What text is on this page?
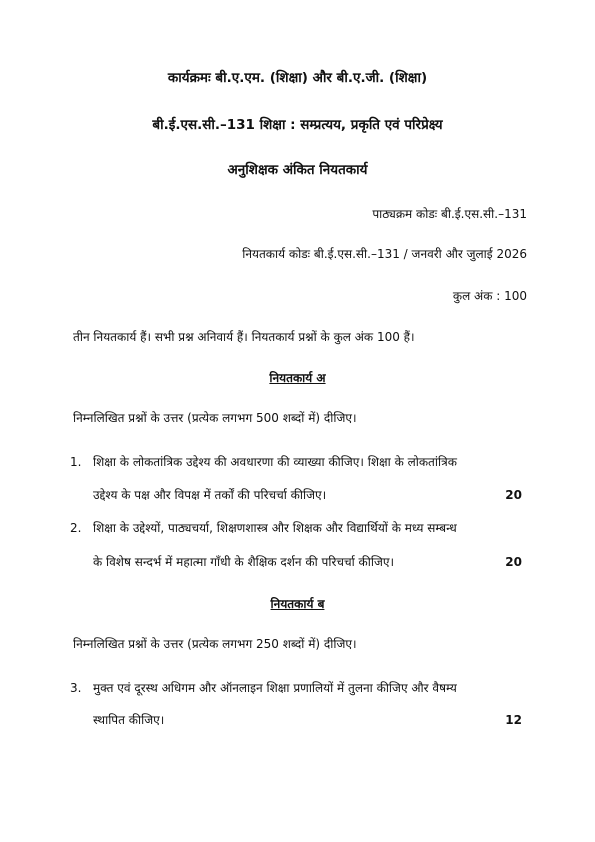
कार्यक्रमः बी.ए.एम. (शिक्षा) और बी.ए.जी. (शिक्षा)
बी.ई.एस.सी.–131 शिक्षा : सम्प्रत्यय, प्रकृति एवं परिप्रेक्ष्य
अनुशिक्षक अंकित नियतकार्य
पाठ्यक्रम कोडः बी.ई.एस.सी.–131
नियतकार्य कोडः बी.ई.एस.सी.–131 / जनवरी और जुलाई 2026
कुल अंक : 100
तीन नियतकार्य हैं। सभी प्रश्न अनिवार्य हैं। नियतकार्य प्रश्नों के कुल अंक 100 हैं।
नियतकार्य अ
निम्नलिखित प्रश्नों के उत्तर (प्रत्येक लगभग 500 शब्दों में) दीजिए।
1. शिक्षा के लोकतांत्रिक उद्देश्य की अवधारणा की व्याख्या कीजिए। शिक्षा के लोकतांत्रिक
उद्देश्य के पक्ष और विपक्ष में तर्कों की परिचर्चा कीजिए।	20
2. शिक्षा के उद्देश्यों, पाठ्यचर्या, शिक्षणशास्त्र और शिक्षक और विद्यार्थियों के मध्य सम्बन्ध
के विशेष सन्दर्भ में महात्मा गाँधी के शैक्षिक दर्शन की परिचर्चा कीजिए।	20
नियतकार्य ब
निम्नलिखित प्रश्नों के उत्तर (प्रत्येक लगभग 250 शब्दों में) दीजिए।
3. मुक्त एवं दूरस्थ अधिगम और ऑनलाइन शिक्षा प्रणालियों में तुलना कीजिए और वैषम्य
स्थापित कीजिए।	12
